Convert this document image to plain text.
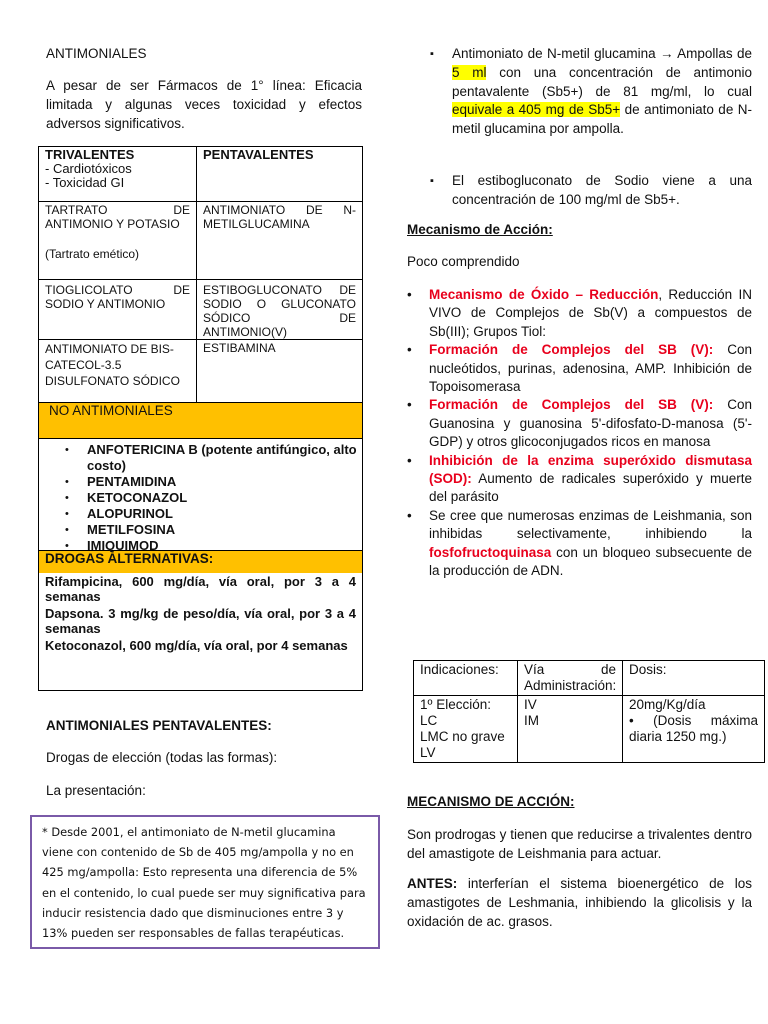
ANTIMONIALES
A pesar de ser Fármacos de 1° línea: Eficacia limitada y algunas veces toxicidad y efectos adversos significativos.
TRIVALENTES
- Cardiotóxicos
- Toxicidad GI
PENTAVALENTES
TARTRATO DE ANTIMONIO Y POTASIO
(Tartrato emético)
ANTIMONIATO DE N-METILGLUCAMINA
TIOGLICOLATO DE SODIO Y ANTIMONIO
ESTIBOGLUCONATO DE SODIO O GLUCONATO SÓDICO DE ANTIMONIO(V)
ANTIMONIATO DE BIS-CATECOL-3.5 DISULFONATO SÓDICO
ESTIBAMINA
NO ANTIMONIALES
• ANFOTERICINA B (potente antifúngico, alto costo)
• PENTAMIDINA
• KETOCONAZOL
• ALOPURINOL
• METILFOSINA
• IMIQUIMOD
DROGAS ALTERNATIVAS:
Rifampicina, 600 mg/día, vía oral, por 3 a 4 semanas
Dapsona. 3 mg/kg de peso/día, vía oral, por 3 a 4 semanas
Ketoconazol, 600 mg/día, vía oral, por 4 semanas
ANTIMONIALES PENTAVALENTES:
Drogas de elección (todas las formas):
La presentación:
* Desde 2001, el antimoniato de N-metil glucamina viene con contenido de Sb de 405 mg/ampolla y no en 425 mg/ampolla: Esto representa una diferencia de 5% en el contenido, lo cual puede ser muy significativa para inducir resistencia dado que disminuciones entre 3 y 13% pueden ser responsables de fallas terapéuticas.
▪ Antimoniato de N-metil glucamina → Ampollas de 5 ml con una concentración de antimonio pentavalente (Sb5+) de 81 mg/ml, lo cual equivale a 405 mg de Sb5+ de antimoniato de N-metil glucamina por ampolla.
▪ El estibogluconato de Sodio viene a una concentración de 100 mg/ml de Sb5+.
Mecanismo de Acción:
Poco comprendido
• Mecanismo de Óxido – Reducción, Reducción IN VIVO de Complejos de Sb(V) a compuestos de Sb(III); Grupos Tiol:
• Formación de Complejos del SB (V): Con nucleótidos, purinas, adenosina, AMP. Inhibición de Topoisomerasa
• Formación de Complejos del SB (V): Con Guanosina y guanosina 5'-difosfato-D-manosa (5'- GDP) y otros glicoconjugados ricos en manosa
• Inhibición de la enzima superóxido dismutasa (SOD): Aumento de radicales superóxido y muerte del parásito
• Se cree que numerosas enzimas de Leishmania, son inhibidas selectivamente, inhibiendo la fosfofructoquinasa con un bloqueo subsecuente de la producción de ADN.
Indicaciones:	Vía de Administración:
Dosis:
1º Elección:
LC
LMC no grave
LV
IV
IM
20mg/Kg/día
• (Dosis máxima diaria 1250 mg.)
MECANISMO DE ACCIÓN:
Son prodrogas y tienen que reducirse a trivalentes dentro del amastigote de Leishmania para actuar.
ANTES: interferían el sistema bioenergético de los amastigotes de Leshmania, inhibiendo la glicolisis y la oxidación de ac. grasos.
